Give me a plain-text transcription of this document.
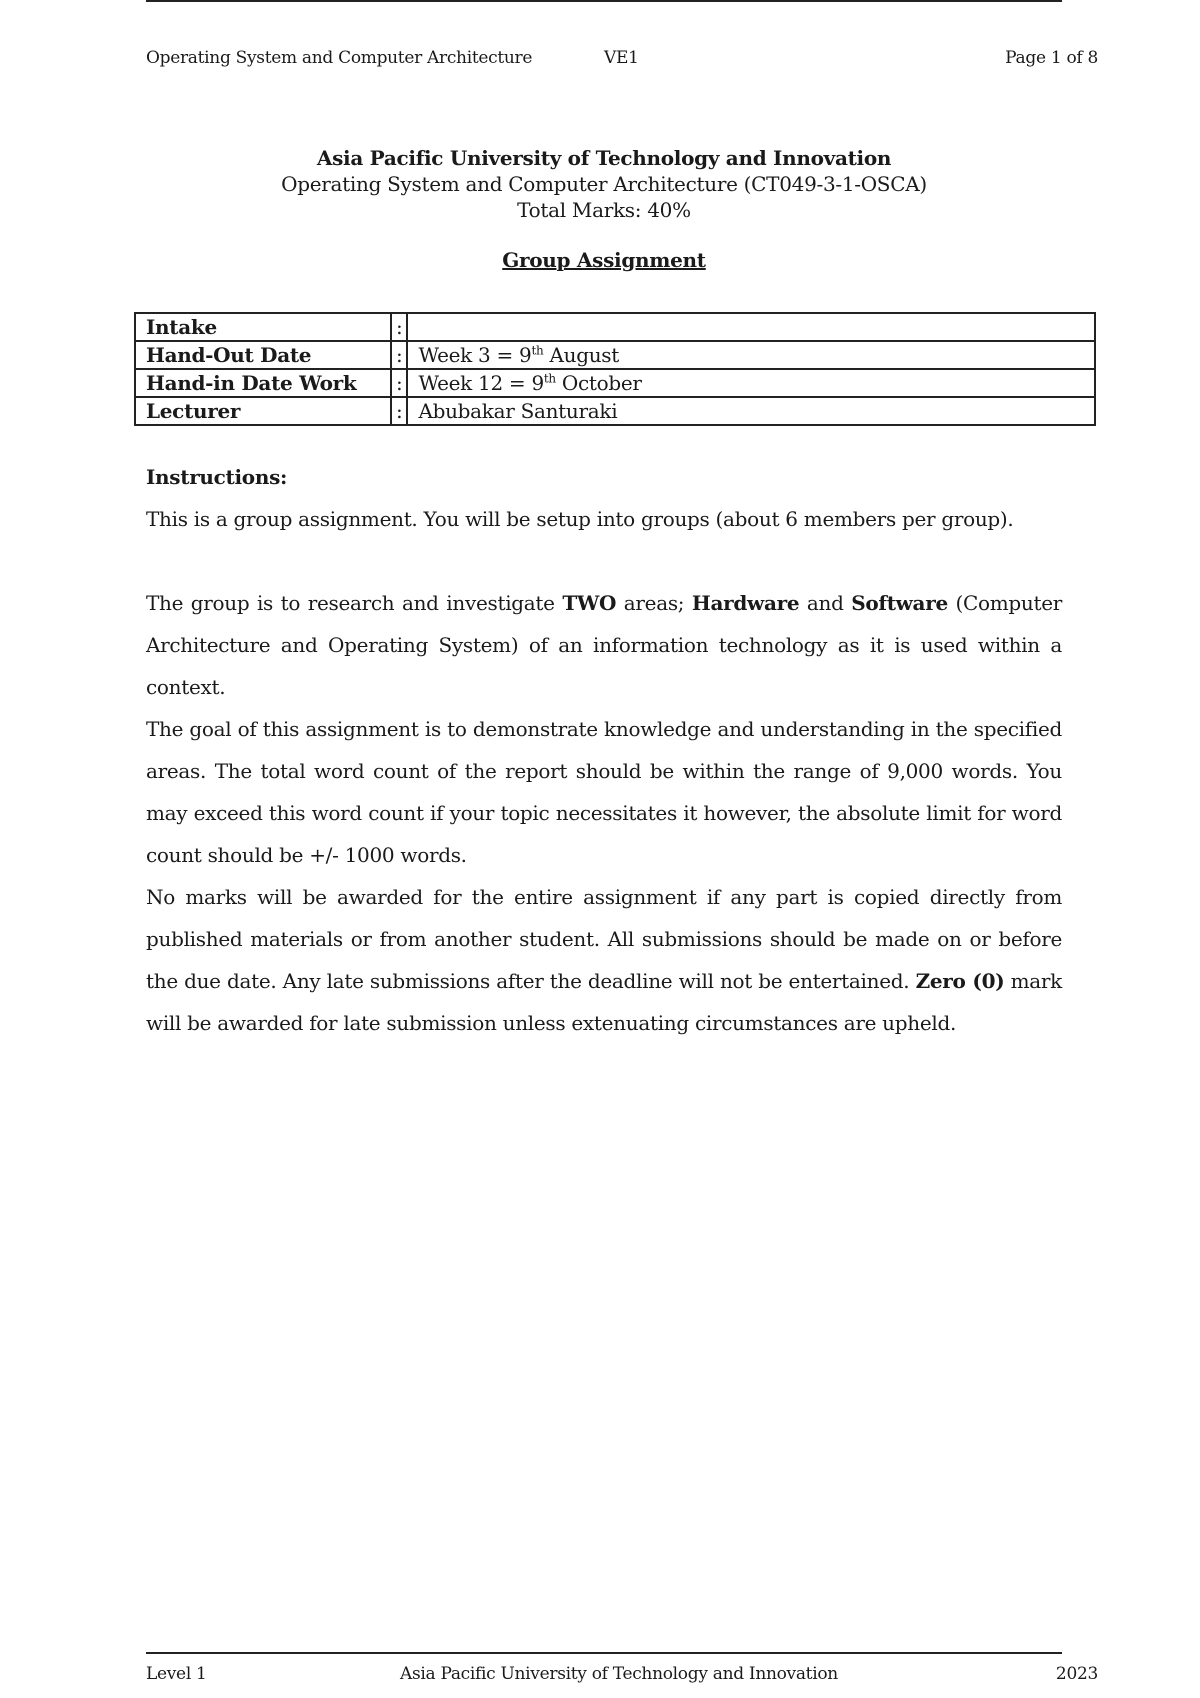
Operating System and Computer Architecture	VE1	Page 1 of 8
Asia Pacific University of Technology and Innovation
Operating System and Computer Architecture (CT049-3-1-OSCA)
Total Marks: 40%
Group Assignment
Intake	:	
Hand-Out Date	:	Week 3 = 9th August
Hand-in Date Work	:	Week 12 = 9th October
Lecturer	:	Abubakar Santuraki

Instructions:

This is a group assignment. You will be setup into groups (about 6 members per group).

The group is to research and investigate TWO areas; Hardware and Software (Computer Architecture and Operating System) of an information technology as it is used within a context.

The goal of this assignment is to demonstrate knowledge and understanding in the specified areas. The total word count of the report should be within the range of 9,000 words. You may exceed this word count if your topic necessitates it however, the absolute limit for word count should be +/- 1000 words.

No marks will be awarded for the entire assignment if any part is copied directly from published materials or from another student. All submissions should be made on or before the due date. Any late submissions after the deadline will not be entertained. Zero (0) mark will be awarded for late submission unless extenuating circumstances are upheld.

Level 1	Asia Pacific University of Technology and Innovation	2023
